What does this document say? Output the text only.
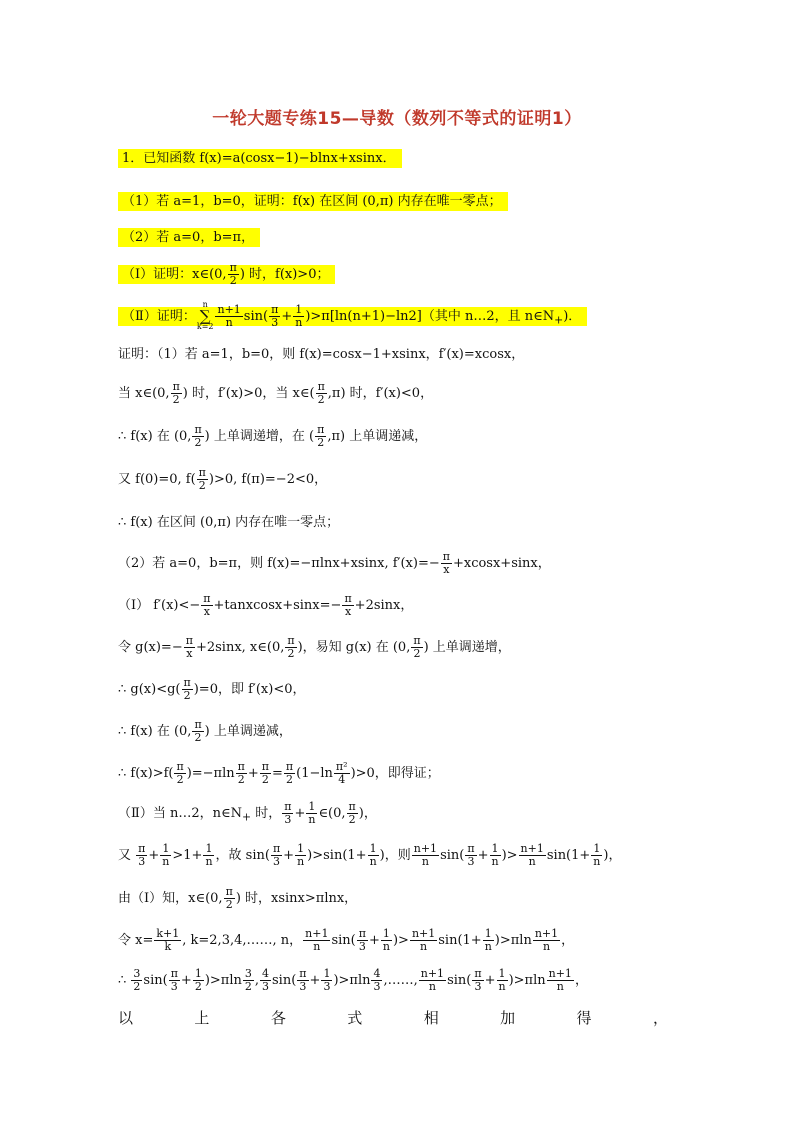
一轮大题专练15—导数（数列不等式的证明1）
1．已知函数 f(x)=a(cosx−1)−blnx+xsinx．
（1）若 a=1，b=0，证明：f(x) 在区间 (0,π) 内存在唯一零点；
（2）若 a=0，b=π，
（Ⅰ）证明：x∈(0, $\frac{\pi}{2}$ ) 时，f(x)>0；
（Ⅱ）证明：
n
∑
$k=2 \frac{n+1}{n} \sin( \frac{\pi}{3} + \frac{1}{n} )>\pi[\ln(n+1)-\ln 2]$（其中 n…2，且 $n\in N_+$)．
证明：（1）若 a=1，b=0，则 f(x)=cosx−1+xsinx，f′(x)=xcosx，
当 x∈(0, $\frac{\pi}{2}$ ) 时，f′(x)>0，当 x∈( $\frac{\pi}{2} ,\pi$) 时，f′(x)<0，
∴ f(x) 在 (0, $\frac{\pi}{2}$ ) 上单调递增，在 ( $\frac{\pi}{2} ,\pi$) 上单调递减，
又 f(0)=0, $f( \frac{\pi}{2} )>0$, f(π)=−2<0，
∴ f(x) 在区间 (0,π) 内存在唯一零点；
（2）若 a=0，b=π，则 f(x)=−πlnx+xsinx, $f'(x)=- \frac{\pi}{x} +xcosx+\sin x$，
（Ⅰ） $f'(x)<- \frac{\pi}{x}$ +tanxcosx+sinx=− $\frac{\pi}{x} +2\sin x$，
令 $g(x)=- \frac{\pi}{x} +2\sin x$, x∈(0, $\frac{\pi}{2}$ )，易知 g(x) 在 (0, $\frac{\pi}{2}$ ) 上单调递增，
∴ $g(x)<g( \frac{\pi}{2} )=0$，即 f′(x)<0，
∴ f(x) 在 (0, $\frac{\pi}{2}$ ) 上单调递减，
∴ $f(x)>f( \frac{\pi}{2} )=-\pi\ln \frac{\pi}{2} + \frac{\pi}{2} = \frac{\pi}{2} (1-\ln \frac{\text{π²}}{4} )>0$，即得证；
（Ⅱ）当 n…2，$n\in N_+$ 时， $\frac{\pi}{3} + \frac{1}{n}$ ∈(0, $\frac{\pi}{2}$ )，
又 $\frac{\pi}{3} + \frac{1}{n} >1+ \frac{1}{n}$ ，故 $\sin( \frac{\pi}{3} + \frac{1}{n} )>\sin(1+ \frac{1}{n}$ )，则 $\frac{n+1}{n} \sin( \frac{\pi}{3} + \frac{1}{n}$ )> $\frac{n+1}{n} \sin(1+ \frac{1}{n}$ )，
由（Ⅰ）知，x∈(0, $\frac{\pi}{2}$ ) 时，xsinx>πlnx，
令 $x= \frac{k+1}{k}$ , k=2,3,4,……, n， $\frac{n+1}{n} \sin( \frac{\pi}{3} + \frac{1}{n}$ )> $\frac{n+1}{n} \sin(1+ \frac{1}{n} )>\pi\ln \frac{n+1}{n}$ ，
∴ $\frac{3}{2} \sin( \frac{\pi}{3} + \frac{1}{2} )>\pi\ln \frac{3}{2}$ , $\frac{4}{3} \sin( \frac{\pi}{3} + \frac{1}{3} )>\pi\ln \frac{4}{3}$ ,……, $\frac{n+1}{n} \sin( \frac{\pi}{3} + \frac{1}{n} )>\pi\ln \frac{n+1}{n}$ ，
以	上	各	式	相	加	得	，
